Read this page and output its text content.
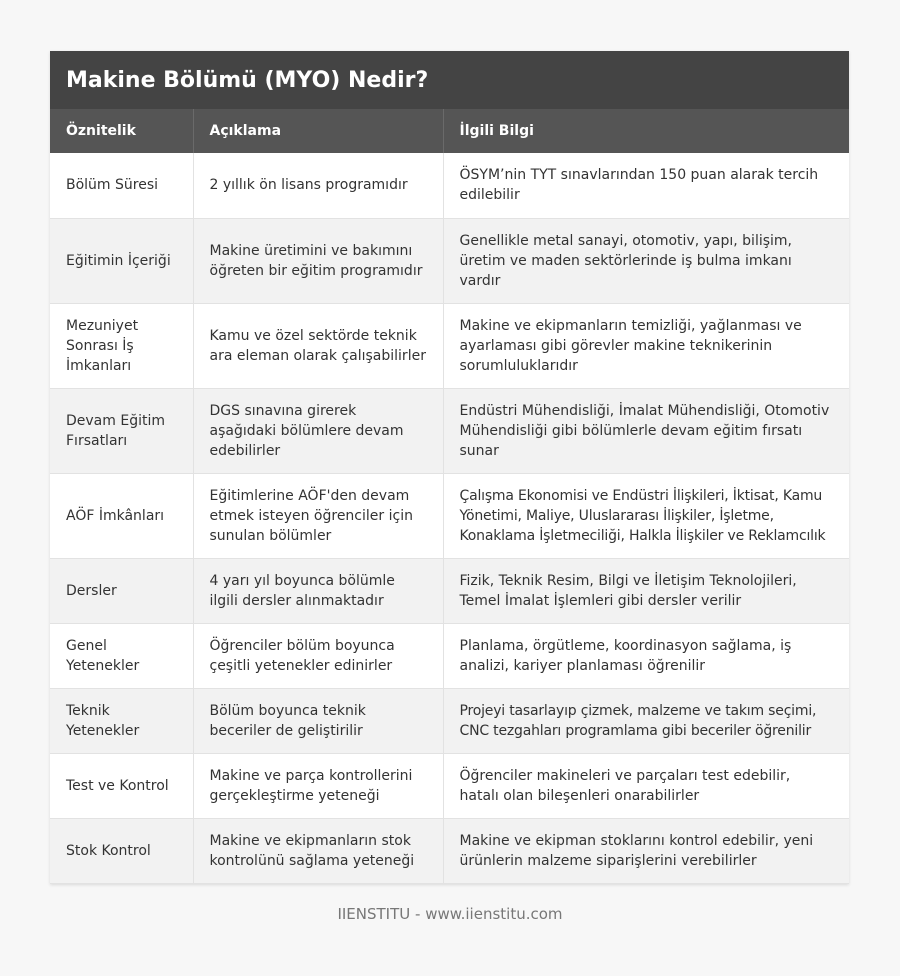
Makine Bölümü (MYO) Nedir?
Öznitelik	Açıklama	İlgili Bilgi
Bölüm Süresi	2 yıllık ön lisans programıdır	ÖSYM’nin TYT sınavlarından 150 puan alarak tercih edilebilir
Eğitimin İçeriği	Makine üretimini ve bakımını öğreten bir eğitim programıdır	Genellikle metal sanayi, otomotiv, yapı, bilişim, üretim ve maden sektörlerinde iş bulma imkanı vardır
Mezuniyet Sonrası İş İmkanları	Kamu ve özel sektörde teknik ara eleman olarak çalışabilirler	Makine ve ekipmanların temizliği, yağlanması ve ayarlaması gibi görevler makine teknikerinin sorumluluklarıdır
Devam Eğitim Fırsatları	DGS sınavına girerek aşağıdaki bölümlere devam edebilirler	Endüstri Mühendisliği, İmalat Mühendisliği, Otomotiv Mühendisliği gibi bölümlerle devam eğitim fırsatı sunar
AÖF İmkânları	Eğitimlerine AÖF'den devam etmek isteyen öğrenciler için sunulan bölümler	Çalışma Ekonomisi ve Endüstri İlişkileri, İktisat, Kamu Yönetimi, Maliye, Uluslararası İlişkiler, İşletme, Konaklama İşletmeciliği, Halkla İlişkiler ve Reklamcılık
Dersler	4 yarı yıl boyunca bölümle ilgili dersler alınmaktadır	Fizik, Teknik Resim, Bilgi ve İletişim Teknolojileri, Temel İmalat İşlemleri gibi dersler verilir
Genel Yetenekler	Öğrenciler bölüm boyunca çeşitli yetenekler edinirler	Planlama, örgütleme, koordinasyon sağlama, iş analizi, kariyer planlaması öğrenilir
Teknik Yetenekler	Bölüm boyunca teknik beceriler de geliştirilir	Projeyi tasarlayıp çizmek, malzeme ve takım seçimi, CNC tezgahları programlama gibi beceriler öğrenilir
Test ve Kontrol	Makine ve parça kontrollerini gerçekleştirme yeteneği	Öğrenciler makineleri ve parçaları test edebilir, hatalı olan bileşenleri onarabilirler
Stok Kontrol	Makine ve ekipmanların stok kontrolünü sağlama yeteneği	Makine ve ekipman stoklarını kontrol edebilir, yeni ürünlerin malzeme siparişlerini verebilirler
IIENSTITU - www.iienstitu.com
